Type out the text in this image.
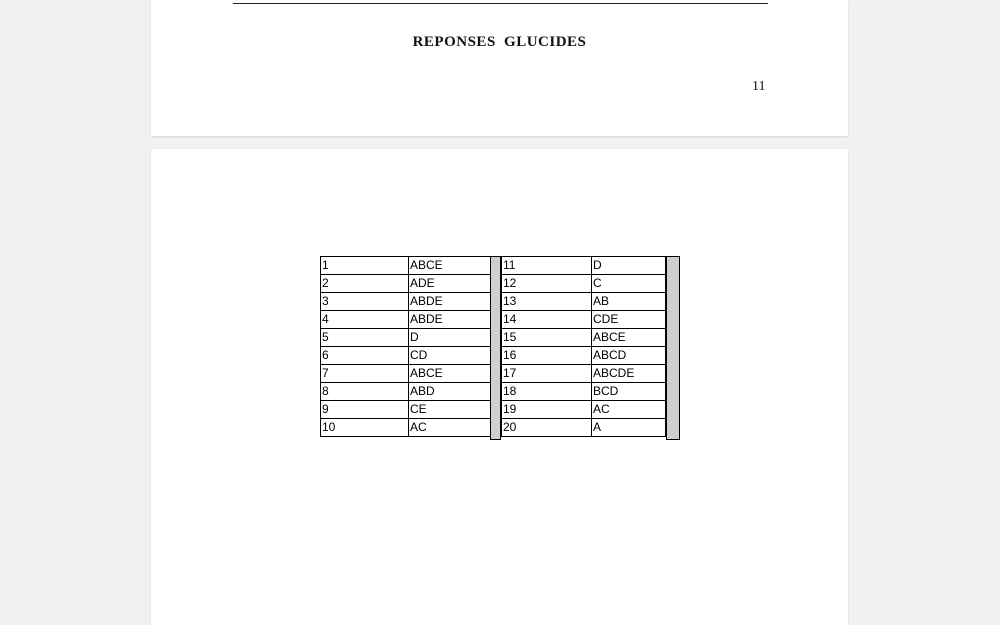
REPONSES GLUCIDES
11
1	ABCE
2	ADE
3	ABDE
4	ABDE
5	D
6	CD
7	ABCE
8	ABD
9	CE
10	AC
11	D
12	C
13	AB
14	CDE
15	ABCE
16	ABCD
17	ABCDE
18	BCD
19	AC
20	A
